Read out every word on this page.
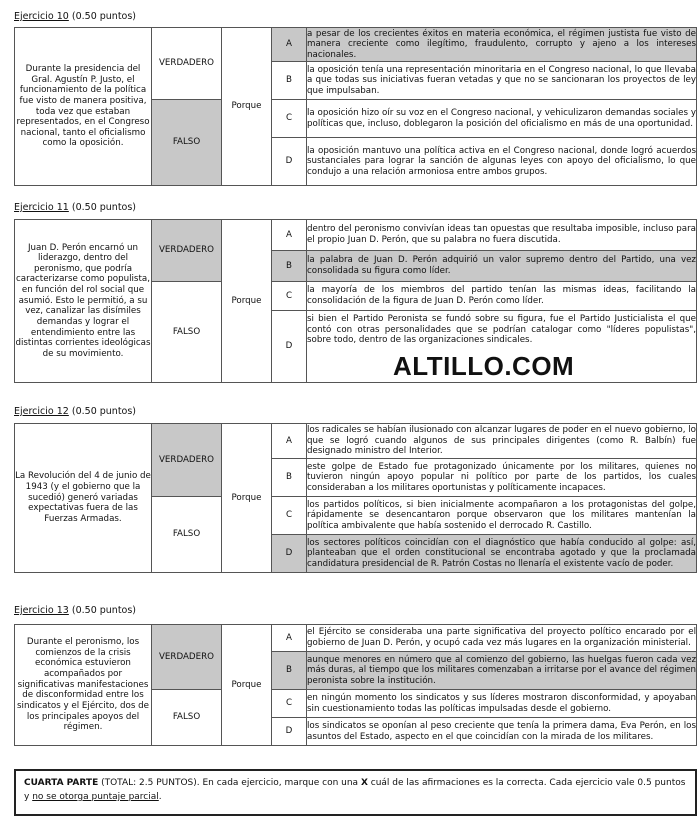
Ejercicio 10 (0.50 puntos)
Durante la presidencia del Gral. Agustín P. Justo, el funcionamiento de la política fue visto de manera positiva, toda vez que estaban representados, en el Congreso nacional, tanto el oficialismo como la oposición.	VERDADERO	Porque	A	a pesar de los crecientes éxitos en materia económica, el régimen justista fue visto de manera creciente como ilegítimo, fraudulento, corrupto y ajeno a los intereses nacionales.
			B	la oposición tenía una representación minoritaria en el Congreso nacional, lo que llevaba a que todas sus iniciativas fueran vetadas y que no se sancionaran los proyectos de ley que impulsaban.
	FALSO		C	la oposición hizo oír su voz en el Congreso nacional, y vehiculizaron demandas sociales y políticas que, incluso, doblegaron la posición del oficialismo en más de una oportunidad.
			D	la oposición mantuvo una política activa en el Congreso nacional, donde logró acuerdos sustanciales para lograr la sanción de algunas leyes con apoyo del oficialismo, lo que condujo a una relación armoniosa entre ambos grupos.
Ejercicio 11 (0.50 puntos)
Juan D. Perón encarnó un liderazgo, dentro del peronismo, que podría caracterizarse como populista, en función del rol social que asumió. Esto le permitió, a su vez, canalizar las disímiles demandas y lograr el entendimiento entre las distintas corrientes ideológicas de su movimiento.	VERDADERO	Porque	A	dentro del peronismo convivían ideas tan opuestas que resultaba imposible, incluso para el propio Juan D. Perón, que su palabra no fuera discutida.
			B	la palabra de Juan D. Perón adquirió un valor supremo dentro del Partido, una vez consolidada su figura como líder.
	FALSO		C	la mayoría de los miembros del partido tenían las mismas ideas, facilitando la consolidación de la figura de Juan D. Perón como líder.
			D	si bien el Partido Peronista se fundó sobre su figura, fue el Partido Justicialista el que contó con otras personalidades que se podrían catalogar como "líderes populistas", sobre todo, dentro de las organizaciones sindicales.
ALTILLO.COM
Ejercicio 12 (0.50 puntos)
La Revolución del 4 de junio de 1943 (y el gobierno que la sucedió) generó variadas expectativas fuera de las Fuerzas Armadas.	VERDADERO	Porque	A	los radicales se habían ilusionado con alcanzar lugares de poder en el nuevo gobierno, lo que se logró cuando algunos de sus principales dirigentes (como R. Balbín) fue designado ministro del Interior.
			B	este golpe de Estado fue protagonizado únicamente por los militares, quienes no tuvieron ningún apoyo popular ni político por parte de los partidos, los cuales consideraban a los militares oportunistas y políticamente incapaces.
	FALSO		C	los partidos políticos, si bien inicialmente acompañaron a los protagonistas del golpe, rápidamente se desencantaron porque observaron que los militares mantenían la política ambivalente que había sostenido el derrocado R. Castillo.
			D	los sectores políticos coincidían con el diagnóstico que había conducido al golpe: así, planteaban que el orden constitucional se encontraba agotado y que la proclamada candidatura presidencial de R. Patrón Costas no llenaría el existente vacío de poder.
Ejercicio 13 (0.50 puntos)
Durante el peronismo, los comienzos de la crisis económica estuvieron acompañados por significativas manifestaciones de disconformidad entre los sindicatos y el Ejército, dos de los principales apoyos del régimen.	VERDADERO	Porque	A	el Ejército se consideraba una parte significativa del proyecto político encarado por el gobierno de Juan D. Perón, y ocupó cada vez más lugares en la organización ministerial.
			B	aunque menores en número que al comienzo del gobierno, las huelgas fueron cada vez más duras, al tiempo que los militares comenzaban a irritarse por el avance del régimen peronista sobre la institución.
	FALSO		C	en ningún momento los sindicatos y sus líderes mostraron disconformidad, y apoyaban sin cuestionamiento todas las políticas impulsadas desde el gobierno.
			D	los sindicatos se oponían al peso creciente que tenía la primera dama, Eva Perón, en los asuntos del Estado, aspecto en el que coincidían con la mirada de los militares.
CUARTA PARTE (TOTAL: 2.5 PUNTOS). En cada ejercicio, marque con una X cuál de las afirmaciones es la correcta. Cada ejercicio vale 0.5 puntos y no se otorga puntaje parcial.
